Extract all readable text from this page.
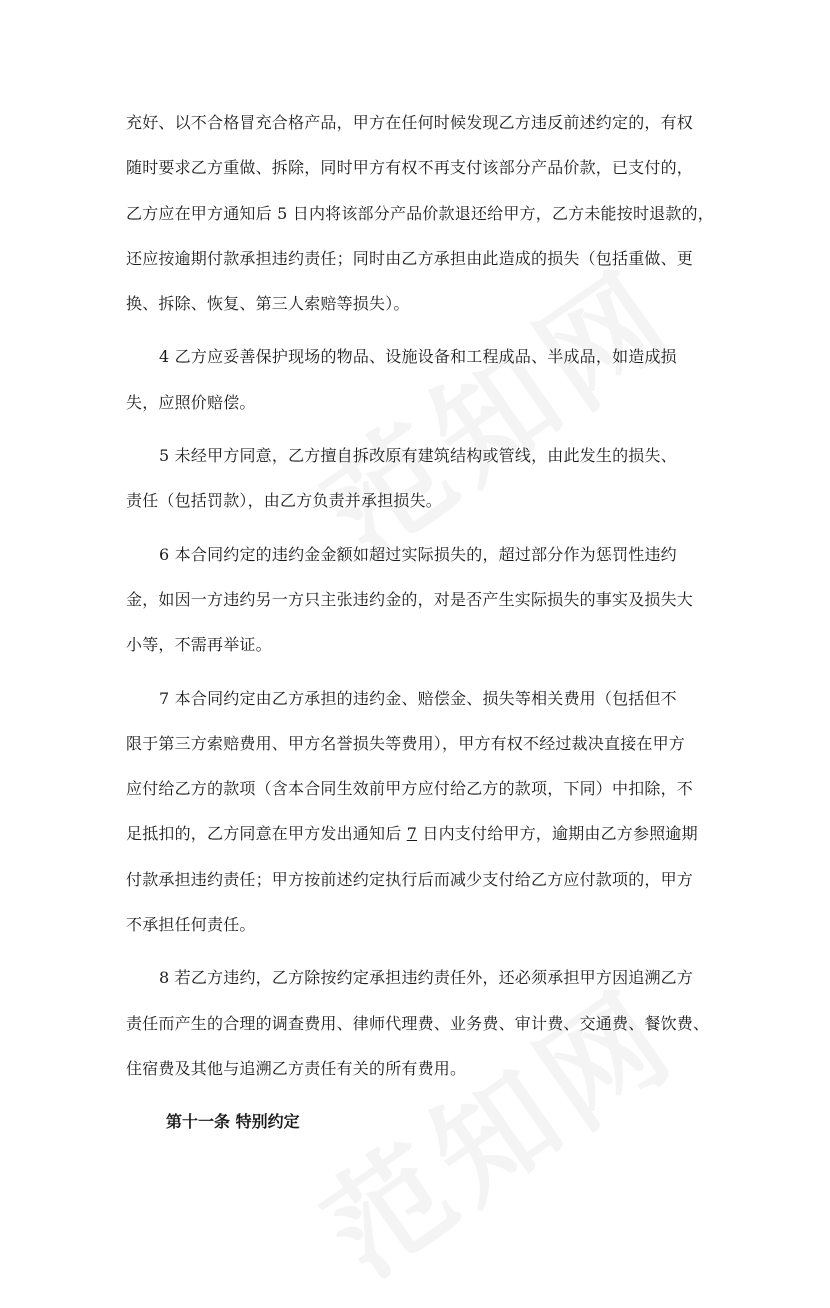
充好、以不合格冒充合格产品，甲方在任何时候发现乙方违反前述约定的，有权
随时要求乙方重做、拆除，同时甲方有权不再支付该部分产品价款，已支付的，
乙方应在甲方通知后 5 日内将该部分产品价款退还给甲方，乙方未能按时退款的，
还应按逾期付款承担违约责任；同时由乙方承担由此造成的损失（包括重做、更
换、拆除、恢复、第三人索赔等损失）。
4 乙方应妥善保护现场的物品、设施设备和工程成品、半成品，如造成损
失，应照价赔偿。
5 未经甲方同意，乙方擅自拆改原有建筑结构或管线，由此发生的损失、
责任（包括罚款），由乙方负责并承担损失。
6 本合同约定的违约金金额如超过实际损失的，超过部分作为惩罚性违约
金，如因一方违约另一方只主张违约金的，对是否产生实际损失的事实及损失大
小等，不需再举证。
7 本合同约定由乙方承担的违约金、赔偿金、损失等相关费用（包括但不
限于第三方索赔费用、甲方名誉损失等费用），甲方有权不经过裁决直接在甲方
应付给乙方的款项（含本合同生效前甲方应付给乙方的款项，下同）中扣除，不
足抵扣的，乙方同意在甲方发出通知后 7 日内支付给甲方，逾期由乙方参照逾期
付款承担违约责任；甲方按前述约定执行后而减少支付给乙方应付款项的，甲方
不承担任何责任。
8 若乙方违约，乙方除按约定承担违约责任外，还必须承担甲方因追溯乙方
责任而产生的合理的调查费用、律师代理费、业务费、审计费、交通费、餐饮费、
住宿费及其他与追溯乙方责任有关的所有费用。
第十一条 特别约定
